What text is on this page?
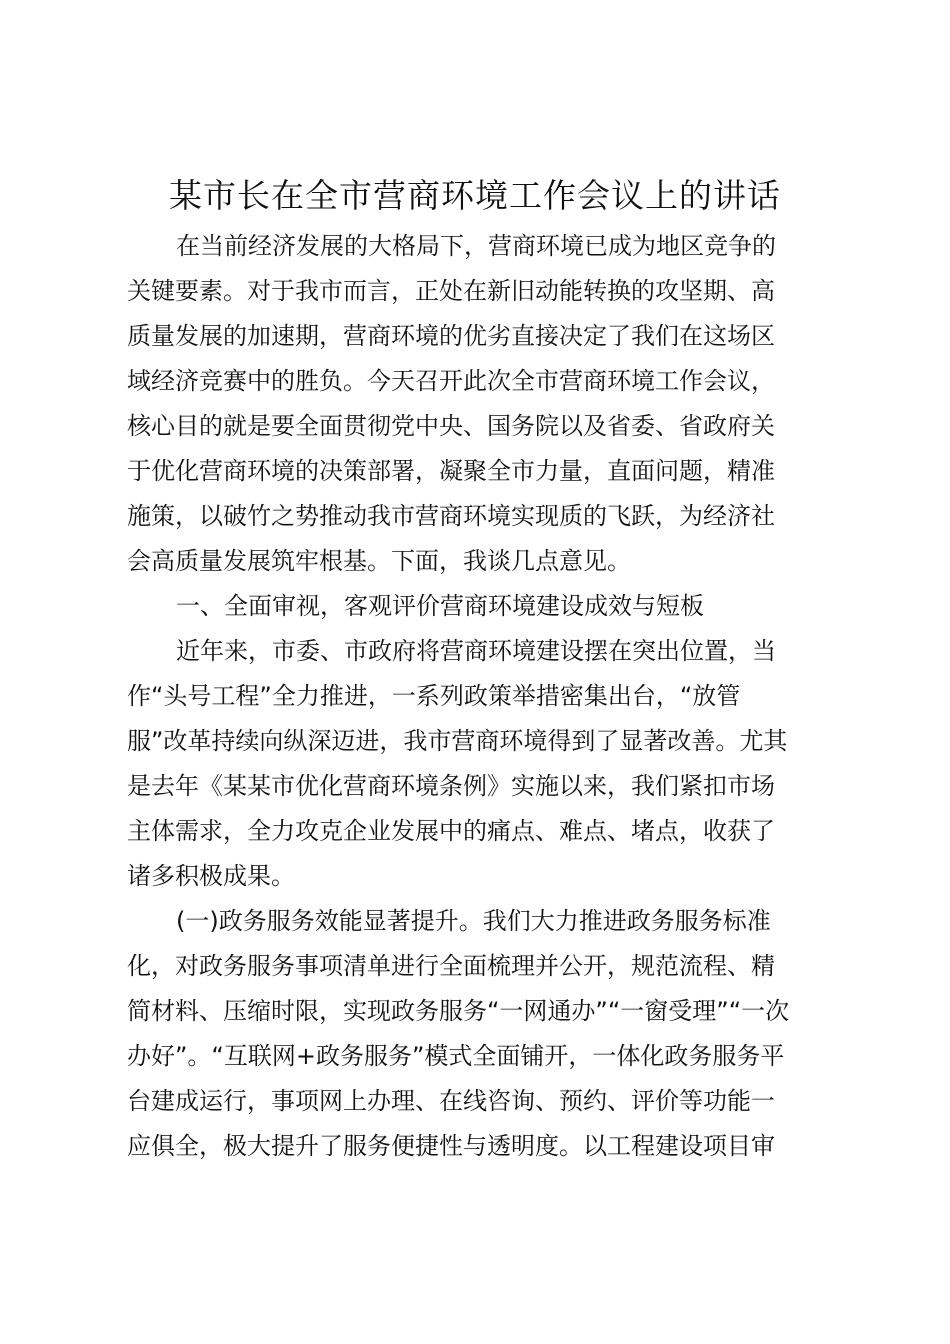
某市长在全市营商环境工作会议上的讲话
在当前经济发展的大格局下，营商环境已成为地区竞争的
关键要素。对于我市而言，正处在新旧动能转换的攻坚期、高
质量发展的加速期，营商环境的优劣直接决定了我们在这场区
域经济竞赛中的胜负。今天召开此次全市营商环境工作会议，
核心目的就是要全面贯彻党中央、国务院以及省委、省政府关
于优化营商环境的决策部署，凝聚全市力量，直面问题，精准
施策，以破竹之势推动我市营商环境实现质的飞跃，为经济社
会高质量发展筑牢根基。下面，我谈几点意见。
一、全面审视，客观评价营商环境建设成效与短板
近年来，市委、市政府将营商环境建设摆在突出位置，当
作“头号工程”全力推进，一系列政策举措密集出台，“放管
服”改革持续向纵深迈进，我市营商环境得到了显著改善。尤其
是去年《某某市优化营商环境条例》实施以来，我们紧扣市场
主体需求，全力攻克企业发展中的痛点、难点、堵点，收获了
诸多积极成果。
(一)政务服务效能显著提升。我们大力推进政务服务标准
化，对政务服务事项清单进行全面梳理并公开，规范流程、精
简材料、压缩时限，实现政务服务“一网通办”“一窗受理”“一次
办好”。“互联网+政务服务”模式全面铺开，一体化政务服务平
台建成运行，事项网上办理、在线咨询、预约、评价等功能一
应俱全，极大提升了服务便捷性与透明度。以工程建设项目审
